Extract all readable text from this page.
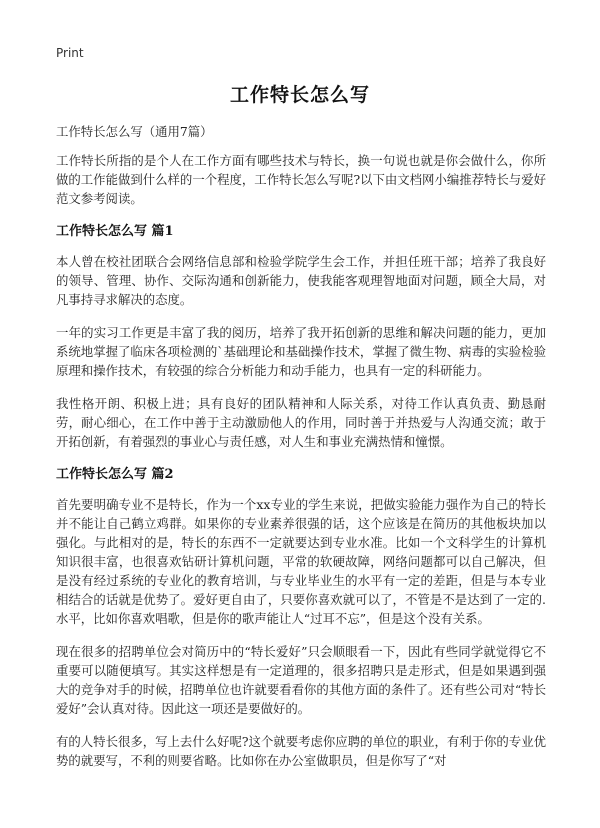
Print
工作特长怎么写

工作特长怎么写（通用7篇）

工作特长所指的是个人在工作方面有哪些技术与特长，换一句说也就是你会做什么，你所做的工作能做到什么样的一个程度，工作特长怎么写呢?以下由文档网小编推荐特长与爱好范文参考阅读。

工作特长怎么写 篇1

本人曾在校社团联合会网络信息部和检验学院学生会工作，并担任班干部；培养了我良好的领导、管理、协作、交际沟通和创新能力，使我能客观理智地面对问题，顾全大局，对凡事持寻求解决的态度。

一年的实习工作更是丰富了我的阅历，培养了我开拓创新的思维和解决问题的能力，更加系统地掌握了临床各项检测的`基础理论和基础操作技术，掌握了微生物、病毒的实验检验原理和操作技术，有较强的综合分析能力和动手能力，也具有一定的科研能力。

我性格开朗、积极上进；具有良好的团队精神和人际关系，对待工作认真负责、勤恳耐劳，耐心细心，在工作中善于主动激励他人的作用，同时善于并热爱与人沟通交流；敢于开拓创新，有着强烈的事业心与责任感，对人生和事业充满热情和憧憬。

工作特长怎么写 篇2

首先要明确专业不是特长，作为一个xx专业的学生来说，把做实验能力强作为自己的特长并不能让自己鹤立鸡群。如果你的专业素养很强的话，这个应该是在简历的其他板块加以强化。与此相对的是，特长的东西不一定就要达到专业水准。比如一个文科学生的计算机知识很丰富，也很喜欢钻研计算机问题，平常的软硬故障，网络问题都可以自己解决，但是没有经过系统的专业化的教育培训，与专业毕业生的水平有一定的差距，但是与本专业相结合的话就是优势了。爱好更自由了，只要你喜欢就可以了，不管是不是达到了一定的.水平，比如你喜欢唱歌，但是你的歌声能让人“过耳不忘”，但是这个没有关系。

现在很多的招聘单位会对简历中的“特长爱好”只会顺眼看一下，因此有些同学就觉得它不重要可以随便填写。其实这样想是有一定道理的，很多招聘只是走形式，但是如果遇到强大的竞争对手的时候，招聘单位也许就要看看你的其他方面的条件了。还有些公司对“特长爱好”会认真对待。因此这一项还是要做好的。

有的人特长很多，写上去什么好呢?这个就要考虑你应聘的单位的职业，有利于你的专业优势的就要写，不利的则要省略。比如你在办公室做职员，但是你写了“对
